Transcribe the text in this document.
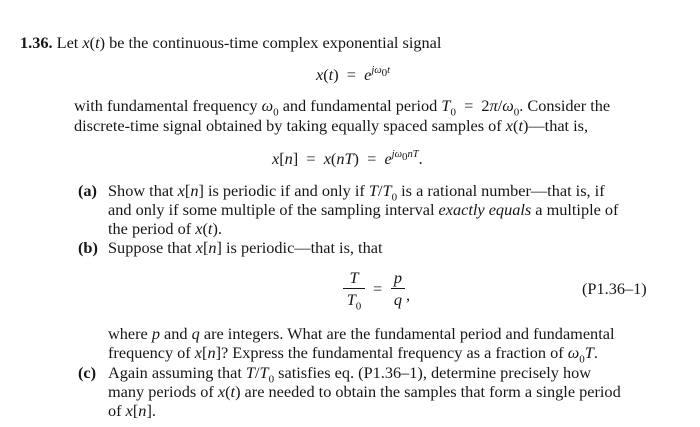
1.36. Let x(t) be the continuous-time complex exponential signal
$x(t) = e^{j\omega_0t}$
with fundamental frequency $\omega_0$ and fundamental period $T_0 = 2\pi/\omega_0$. Consider the
discrete-time signal obtained by taking equally spaced samples of x(t)—that is,
$x[n] = x(nT) = e^{j\omega_0nT}$.
(a) Show that x[n] is periodic if and only if $T/T_0$ is a rational number—that is, if
and only if some multiple of the sampling interval exactly equals a multiple of
the period of x(t).
(b) Suppose that x[n] is periodic—that is, that
$\frac{T}{T_0} = \frac{p}{q}$ ,	(P1.36–1)
where p and q are integers. What are the fundamental period and fundamental
frequency of x[n]? Express the fundamental frequency as a fraction of $\omega_0T$.
(c) Again assuming that $T/T_0$ satisfies eq. (P1.36–1), determine precisely how
many periods of x(t) are needed to obtain the samples that form a single period
of x[n].
